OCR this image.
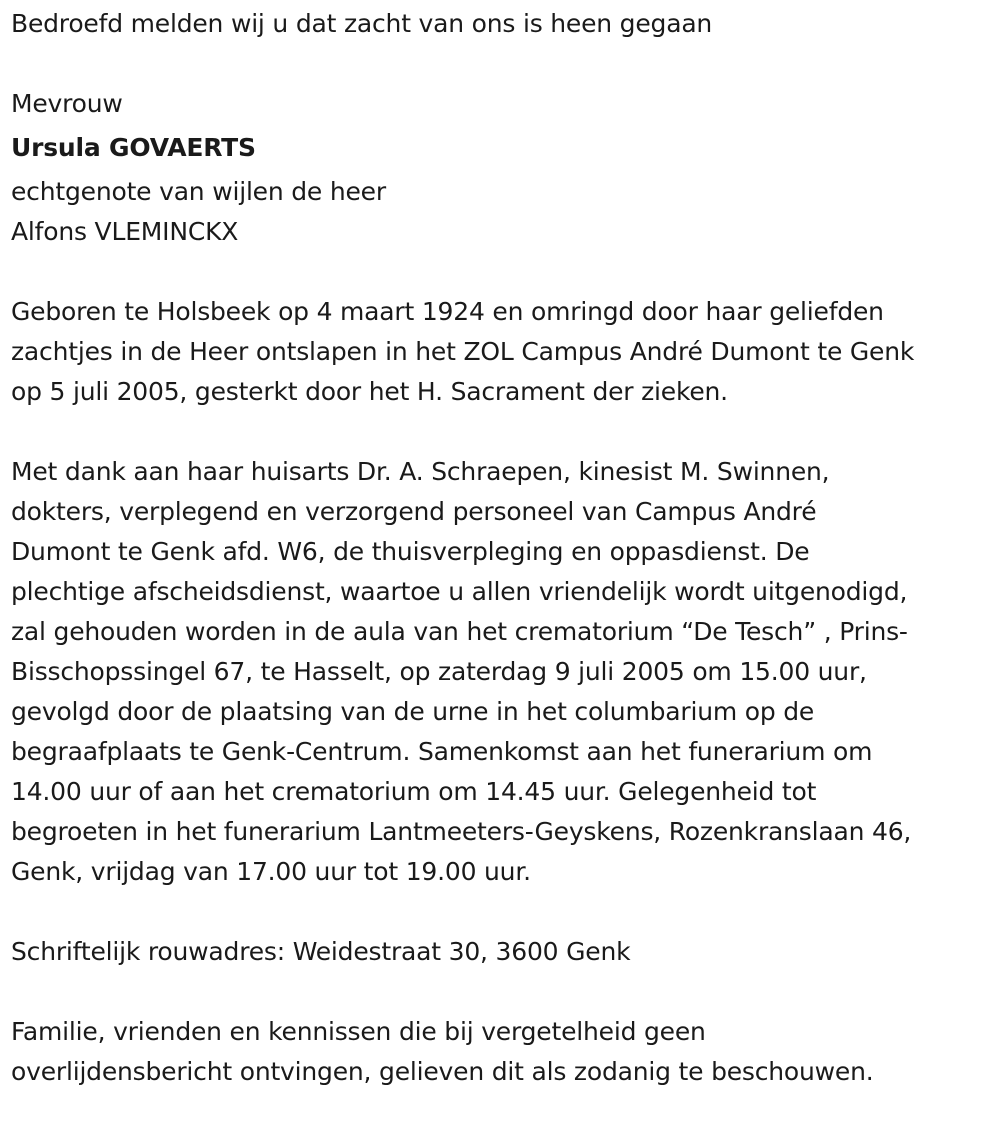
Bedroefd melden wij u dat zacht van ons is heen gegaan
Mevrouw
Ursula GOVAERTS
echtgenote van wijlen de heer
Alfons VLEMINCKX
Geboren te Holsbeek op 4 maart 1924 en omringd door haar geliefden
zachtjes in de Heer ontslapen in het ZOL Campus André Dumont te Genk
op 5 juli 2005, gesterkt door het H. Sacrament der zieken.
Met dank aan haar huisarts Dr. A. Schraepen, kinesist M. Swinnen,
dokters, verplegend en verzorgend personeel van Campus André
Dumont te Genk afd. W6, de thuisverpleging en oppasdienst. De
plechtige afscheidsdienst, waartoe u allen vriendelijk wordt uitgenodigd,
zal gehouden worden in de aula van het crematorium “De Tesch” , Prins-
Bisschopssingel 67, te Hasselt, op zaterdag 9 juli 2005 om 15.00 uur,
gevolgd door de plaatsing van de urne in het columbarium op de
begraafplaats te Genk-Centrum. Samenkomst aan het funerarium om
14.00 uur of aan het crematorium om 14.45 uur. Gelegenheid tot
begroeten in het funerarium Lantmeeters-Geyskens, Rozenkranslaan 46,
Genk, vrijdag van 17.00 uur tot 19.00 uur.
Schriftelijk rouwadres: Weidestraat 30, 3600 Genk
Familie, vrienden en kennissen die bij vergetelheid geen
overlijdensbericht ontvingen, gelieven dit als zodanig te beschouwen.
